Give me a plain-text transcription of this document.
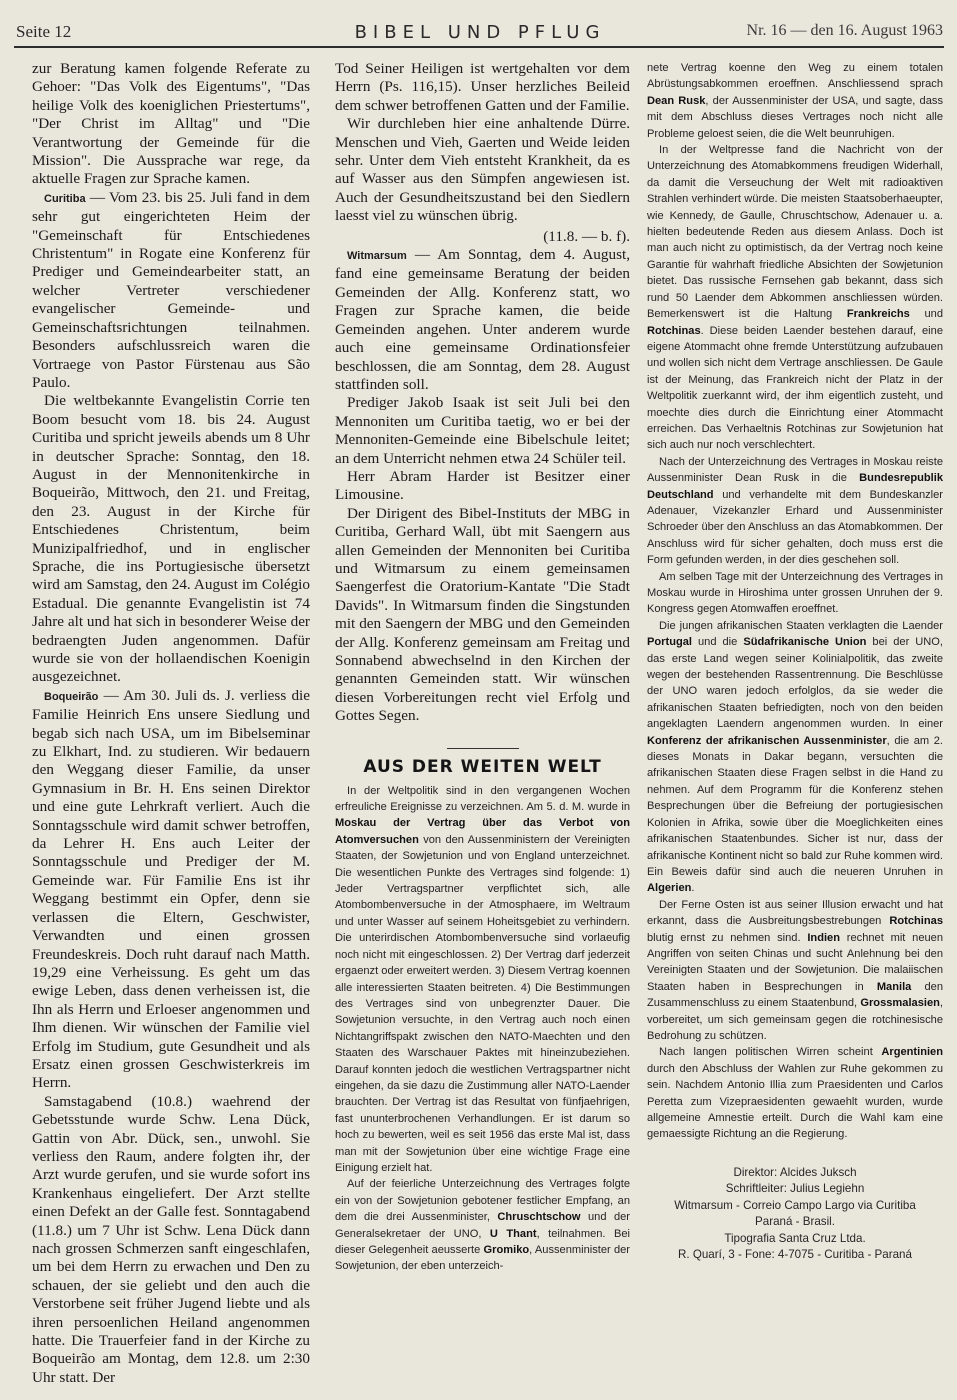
Seite 12	BIBEL UND PFLUG	Nr. 16 — den 16. August 1963

zur Beratung kamen folgende Referate zu Gehoer: "Das Volk des Eigentums", "Das heilige Volk des koeniglichen Priestertums", "Der Christ im Alltag" und "Die Verantwortung der Gemeinde für die Mission". Die Aussprache war rege, da aktuelle Fragen zur Sprache kamen.

Curitiba — Vom 23. bis 25. Juli fand in dem sehr gut eingerichteten Heim der "Gemeinschaft für Entschiedenes Christentum" in Rogate eine Konferenz für Prediger und Gemeindearbeiter statt, an welcher Vertreter verschiedener evangelischer Gemeinde- und Gemeinschaftsrichtungen teilnahmen. Besonders aufschlussreich waren die Vortraege von Pastor Fürstenau aus São Paulo.

Die weltbekannte Evangelistin Corrie ten Boom besucht vom 18. bis 24. August Curitiba und spricht jeweils abends um 8 Uhr in deutscher Sprache: Sonntag, den 18. August in der Mennonitenkirche in Boqueirão, Mittwoch, den 21. und Freitag, den 23. August in der Kirche für Entschiedenes Christentum, beim Munizipalfriedhof, und in englischer Sprache, die ins Portugiesische übersetzt wird am Samstag, den 24. August im Colégio Estadual. Die genannte Evangelistin ist 74 Jahre alt und hat sich in besonderer Weise der bedraengten Juden angenommen. Dafür wurde sie von der hollaendischen Koenigin ausgezeichnet.

Boqueirão — Am 30. Juli ds. J. verliess die Familie Heinrich Ens unsere Siedlung und begab sich nach USA, um im Bibelseminar zu Elkhart, Ind. zu studieren. Wir bedauern den Weggang dieser Familie, da unser Gymnasium in Br. H. Ens seinen Direktor und eine gute Lehrkraft verliert. Auch die Sonntagsschule wird damit schwer betroffen, da Lehrer H. Ens auch Leiter der Sonntagsschule und Prediger der M. Gemeinde war. Für Familie Ens ist ihr Weggang bestimmt ein Opfer, denn sie verlassen die Eltern, Geschwister, Verwandten und einen grossen Freundeskreis. Doch ruht darauf nach Matth. 19,29 eine Verheissung. Es geht um das ewige Leben, dass denen verheissen ist, die Ihn als Herrn und Erloeser angenommen und Ihm dienen. Wir wünschen der Familie viel Erfolg im Studium, gute Gesundheit und als Ersatz einen grossen Geschwisterkreis im Herrn.

Samstagabend (10.8.) waehrend der Gebetsstunde wurde Schw. Lena Dück, Gattin von Abr. Dück, sen., unwohl. Sie verliess den Raum, andere folgten ihr, der Arzt wurde gerufen, und sie wurde sofort ins Krankenhaus eingeliefert. Der Arzt stellte einen Defekt an der Galle fest. Sonntagabend (11.8.) um 7 Uhr ist Schw. Lena Dück dann nach grossen Schmerzen sanft eingeschlafen, um bei dem Herrn zu erwachen und Den zu schauen, der sie geliebt und den auch die Verstorbene seit früher Jugend liebte und als ihren persoenlichen Heiland angenommen hatte. Die Trauerfeier fand in der Kirche zu Boqueirão am Montag, dem 12.8. um 2:30 Uhr statt. Der

Tod Seiner Heiligen ist wertgehalten vor dem Herrn (Ps. 116,15). Unser herzliches Beileid dem schwer betroffenen Gatten und der Familie.

Wir durchleben hier eine anhaltende Dürre. Menschen und Vieh, Gaerten und Weide leiden sehr. Unter dem Vieh entsteht Krankheit, da es auf Wasser aus den Sümpfen angewiesen ist. Auch der Gesundheitszustand bei den Siedlern laesst viel zu wünschen übrig.

(11.8. — b. f).

Witmarsum — Am Sonntag, dem 4. August, fand eine gemeinsame Beratung der beiden Gemeinden der Allg. Konferenz statt, wo Fragen zur Sprache kamen, die beide Gemeinden angehen. Unter anderem wurde auch eine gemeinsame Ordinationsfeier beschlossen, die am Sonntag, dem 28. August stattfinden soll.

Prediger Jakob Isaak ist seit Juli bei den Mennoniten um Curitiba taetig, wo er bei der Mennoniten-Gemeinde eine Bibelschule leitet; an dem Unterricht nehmen etwa 24 Schüler teil.

Herr Abram Harder ist Besitzer einer Limousine.

Der Dirigent des Bibel-Instituts der MBG in Curitiba, Gerhard Wall, übt mit Saengern aus allen Gemeinden der Mennoniten bei Curitiba und Witmarsum zu einem gemeinsamen Saengerfest die Oratorium-Kantate "Die Stadt Davids". In Witmarsum finden die Singstunden mit den Saengern der MBG und den Gemeinden der Allg. Konferenz gemeinsam am Freitag und Sonnabend abwechselnd in den Kirchen der genannten Gemeinden statt. Wir wünschen diesen Vorbereitungen recht viel Erfolg und Gottes Segen.

AUS DER WEITEN WELT

In der Weltpolitik sind in den vergangenen Wochen erfreuliche Ereignisse zu verzeichnen. Am 5. d. M. wurde in Moskau der Vertrag über das Verbot von Atomversuchen von den Aussenministern der Vereinigten Staaten, der Sowjetunion und von England unterzeichnet. Die wesentlichen Punkte des Vertrages sind folgende: 1) Jeder Vertragspartner verpflichtet sich, alle Atombombenversuche in der Atmosphaere, im Weltraum und unter Wasser auf seinem Hoheitsgebiet zu verhindern. Die unterirdischen Atombombenversuche sind vorlaeufig noch nicht mit eingeschlossen. 2) Der Vertrag darf jederzeit ergaenzt oder erweitert werden. 3) Diesem Vertrag koennen alle interessierten Staaten beitreten. 4) Die Bestimmungen des Vertrages sind von unbegrenzter Dauer. Die Sowjetunion versuchte, in den Vertrag auch noch einen Nichtangriffspakt zwischen den NATO-Maechten und den Staaten des Warschauer Paktes mit hineinzubeziehen. Darauf konnten jedoch die westlichen Vertragspartner nicht eingehen, da sie dazu die Zustimmung aller NATO-Laender brauchten. Der Vertrag ist das Resultat von fünfjaehrigen, fast ununterbrochenen Verhandlungen. Er ist darum so hoch zu bewerten, weil es seit 1956 das erste Mal ist, dass man mit der Sowjetunion über eine wichtige Frage eine Einigung erzielt hat.

Auf der feierliche Unterzeichnung des Vertrages folgte ein von der Sowjetunion gebotener festlicher Empfang, an dem die drei Aussenminister, Chruschtschow und der Generalsekretaer der UNO, U Thant, teilnahmen. Bei dieser Gelegenheit aeusserte Gromiko, Aussenminister der Sowjetunion, der eben unterzeich-

nete Vertrag koenne den Weg zu einem totalen Abrüstungsabkommen eroeffnen. Anschliessend sprach Dean Rusk, der Aussenminister der USA, und sagte, dass mit dem Abschluss dieses Vertrages noch nicht alle Probleme geloest seien, die die Welt beunruhigen.

In der Weltpresse fand die Nachricht von der Unterzeichnung des Atomabkommens freudigen Widerhall, da damit die Verseuchung der Welt mit radioaktiven Strahlen verhindert würde. Die meisten Staatsoberhaeupter, wie Kennedy, de Gaulle, Chruschtschow, Adenauer u. a. hielten bedeutende Reden aus diesem Anlass. Doch ist man auch nicht zu optimistisch, da der Vertrag noch keine Garantie für wahrhaft friedliche Absichten der Sowjetunion bietet. Das russische Fernsehen gab bekannt, dass sich rund 50 Laender dem Abkommen anschliessen würden. Bemerkenswert ist die Haltung Frankreichs und Rotchinas. Diese beiden Laender bestehen darauf, eine eigene Atommacht ohne fremde Unterstützung aufzubauen und wollen sich nicht dem Vertrage anschliessen. De Gaule ist der Meinung, das Frankreich nicht der Platz in der Weltpolitik zuerkannt wird, der ihm eigentlich zusteht, und moechte dies durch die Einrichtung einer Atommacht erreichen. Das Verhaeltnis Rotchinas zur Sowjetunion hat sich auch nur noch verschlechtert.

Nach der Unterzeichnung des Vertrages in Moskau reiste Aussenminister Dean Rusk in die Bundesrepublik Deutschland und verhandelte mit dem Bundeskanzler Adenauer, Vizekanzler Erhard und Aussenminister Schroeder über den Anschluss an das Atomabkommen. Der Anschluss wird für sicher gehalten, doch muss erst die Form gefunden werden, in der dies geschehen soll.

Am selben Tage mit der Unterzeichnung des Vertrages in Moskau wurde in Hiroshima unter grossen Unruhen der 9. Kongress gegen Atomwaffen eroeffnet.

Die jungen afrikanischen Staaten verklagten die Laender Portugal und die Südafrikanische Union bei der UNO, das erste Land wegen seiner Kolinialpolitik, das zweite wegen der bestehenden Rassentrennung. Die Beschlüsse der UNO waren jedoch erfolglos, da sie weder die afrikanischen Staaten befriedigten, noch von den beiden angeklagten Laendern angenommen wurden. In einer Konferenz der afrikanischen Aussenminister, die am 2. dieses Monats in Dakar begann, versuchten die afrikanischen Staaten diese Fragen selbst in die Hand zu nehmen. Auf dem Programm für die Konferenz stehen Besprechungen über die Befreiung der portugiesischen Kolonien in Afrika, sowie über die Moeglichkeiten eines afrikanischen Staatenbundes. Sicher ist nur, dass der afrikanische Kontinent nicht so bald zur Ruhe kommen wird. Ein Beweis dafür sind auch die neueren Unruhen in Algerien.

Der Ferne Osten ist aus seiner Illusion erwacht und hat erkannt, dass die Ausbreitungsbestrebungen Rotchinas blutig ernst zu nehmen sind. Indien rechnet mit neuen Angriffen von seiten Chinas und sucht Anlehnung bei den Vereinigten Staaten und der Sowjetunion. Die malaiischen Staaten haben in Besprechungen in Manila den Zusammenschluss zu einem Staatenbund, Grossmalasien, vorbereitet, um sich gemeinsam gegen die rotchinesische Bedrohung zu schützen.

Nach langen politischen Wirren scheint Argentinien durch den Abschluss der Wahlen zur Ruhe gekommen zu sein. Nachdem Antonio Illia zum Praesidenten und Carlos Peretta zum Vizepraesidenten gewaehlt wurden, wurde allgemeine Amnestie erteilt. Durch die Wahl kam eine gemaessigte Richtung an die Regierung.

Direktor: Alcides Juksch
Schriftleiter: Julius Legiehn
Witmarsum - Correio Campo Largo via Curitiba
Paraná - Brasil.
Tipografia Santa Cruz Ltda.
R. Quarí, 3 - Fone: 4-7075 - Curitiba - Paraná
